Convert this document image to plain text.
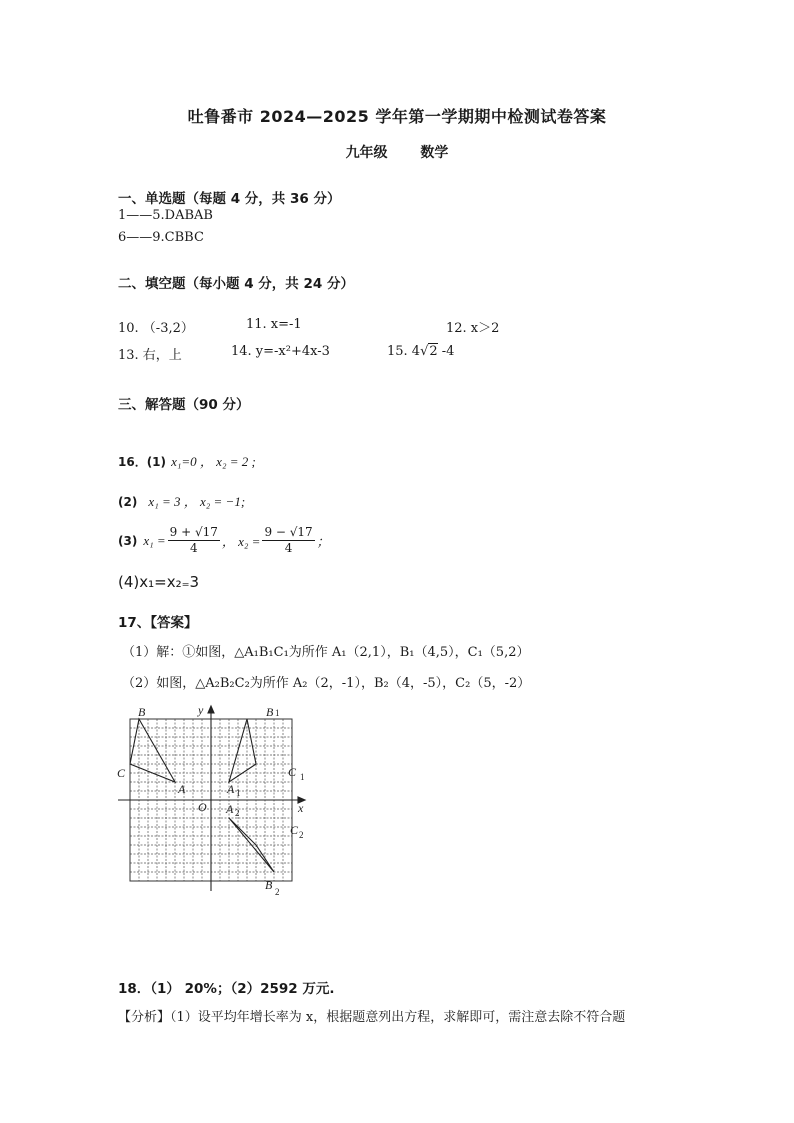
吐鲁番市 2024—2025 学年第一学期期中检测试卷答案
九年级　 数学
一、单选题（每题 4 分，共 36 分）
1——5.DABAB
6——9.CBBC
二、填空题（每小题 4 分，共 24 分）
10. （-3,2）	11. x=-1	12. x＞2
13. 右，上	14. y=-x²+4x-3	15. 4√2 -4
三、解答题（90 分）
16．(1) x₁=0 ， x₂ = 2 ;
(2) x₁ = 3 ， x₂ = −1;
(3) $x_1 = \frac{9 + √17}{4}$ ， $x_2 = \frac{9 - √17}{4}$ ；
(4)x₁=x₂₌3
17、【答案】
（1）解：①如图，△A₁B₁C₁为所作 A₁（2,1），B₁（4,5），C₁（5,2）
（2）如图，△A₂B₂C₂为所作 A₂（2，-1），B₂（4，-5），C₂（5，-2）
B
C
A
B 1
C 1
A 1
A 2
C 2
B 2
O	x
y
18．（1） 20%；（2）2592 万元.
【分析】（1）设平均年增长率为 x，根据题意列出方程，求解即可，需注意去除不符合题
